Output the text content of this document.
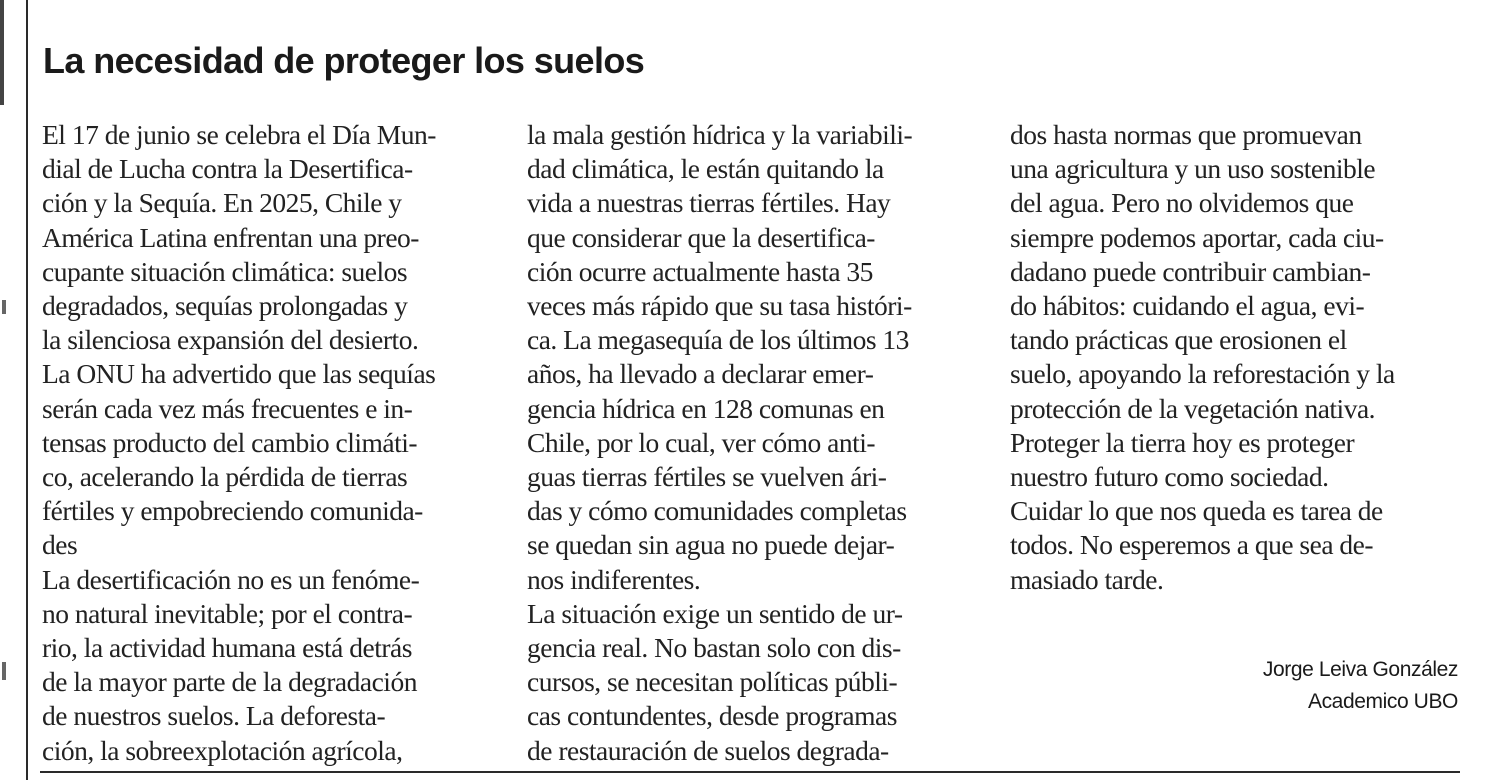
La necesidad de proteger los suelos
El 17 de junio se celebra el Día Mun-
dial de Lucha contra la Desertifica-
ción y la Sequía. En 2025, Chile y
América Latina enfrentan una preo-
cupante situación climática: suelos
degradados, sequías prolongadas y
la silenciosa expansión del desierto.
La ONU ha advertido que las sequías
serán cada vez más frecuentes e in-
tensas producto del cambio climáti-
co, acelerando la pérdida de tierras
fértiles y empobreciendo comunida-
des
La desertificación no es un fenóme-
no natural inevitable; por el contra-
rio, la actividad humana está detrás
de la mayor parte de la degradación
de nuestros suelos. La deforesta-
ción, la sobreexplotación agrícola,
la mala gestión hídrica y la variabili-
dad climática, le están quitando la
vida a nuestras tierras fértiles. Hay
que considerar que la desertifica-
ción ocurre actualmente hasta 35
veces más rápido que su tasa históri-
ca. La megasequía de los últimos 13
años, ha llevado a declarar emer-
gencia hídrica en 128 comunas en
Chile, por lo cual, ver cómo anti-
guas tierras fértiles se vuelven ári-
das y cómo comunidades completas
se quedan sin agua no puede dejar-
nos indiferentes.
La situación exige un sentido de ur-
gencia real. No bastan solo con dis-
cursos, se necesitan políticas públi-
cas contundentes, desde programas
de restauración de suelos degrada-
dos hasta normas que promuevan
una agricultura y un uso sostenible
del agua. Pero no olvidemos que
siempre podemos aportar, cada ciu-
dadano puede contribuir cambian-
do hábitos: cuidando el agua, evi-
tando prácticas que erosionen el
suelo, apoyando la reforestación y la
protección de la vegetación nativa.
Proteger la tierra hoy es proteger
nuestro futuro como sociedad.
Cuidar lo que nos queda es tarea de
todos. No esperemos a que sea de-
masiado tarde.
Jorge Leiva González
Academico UBO
